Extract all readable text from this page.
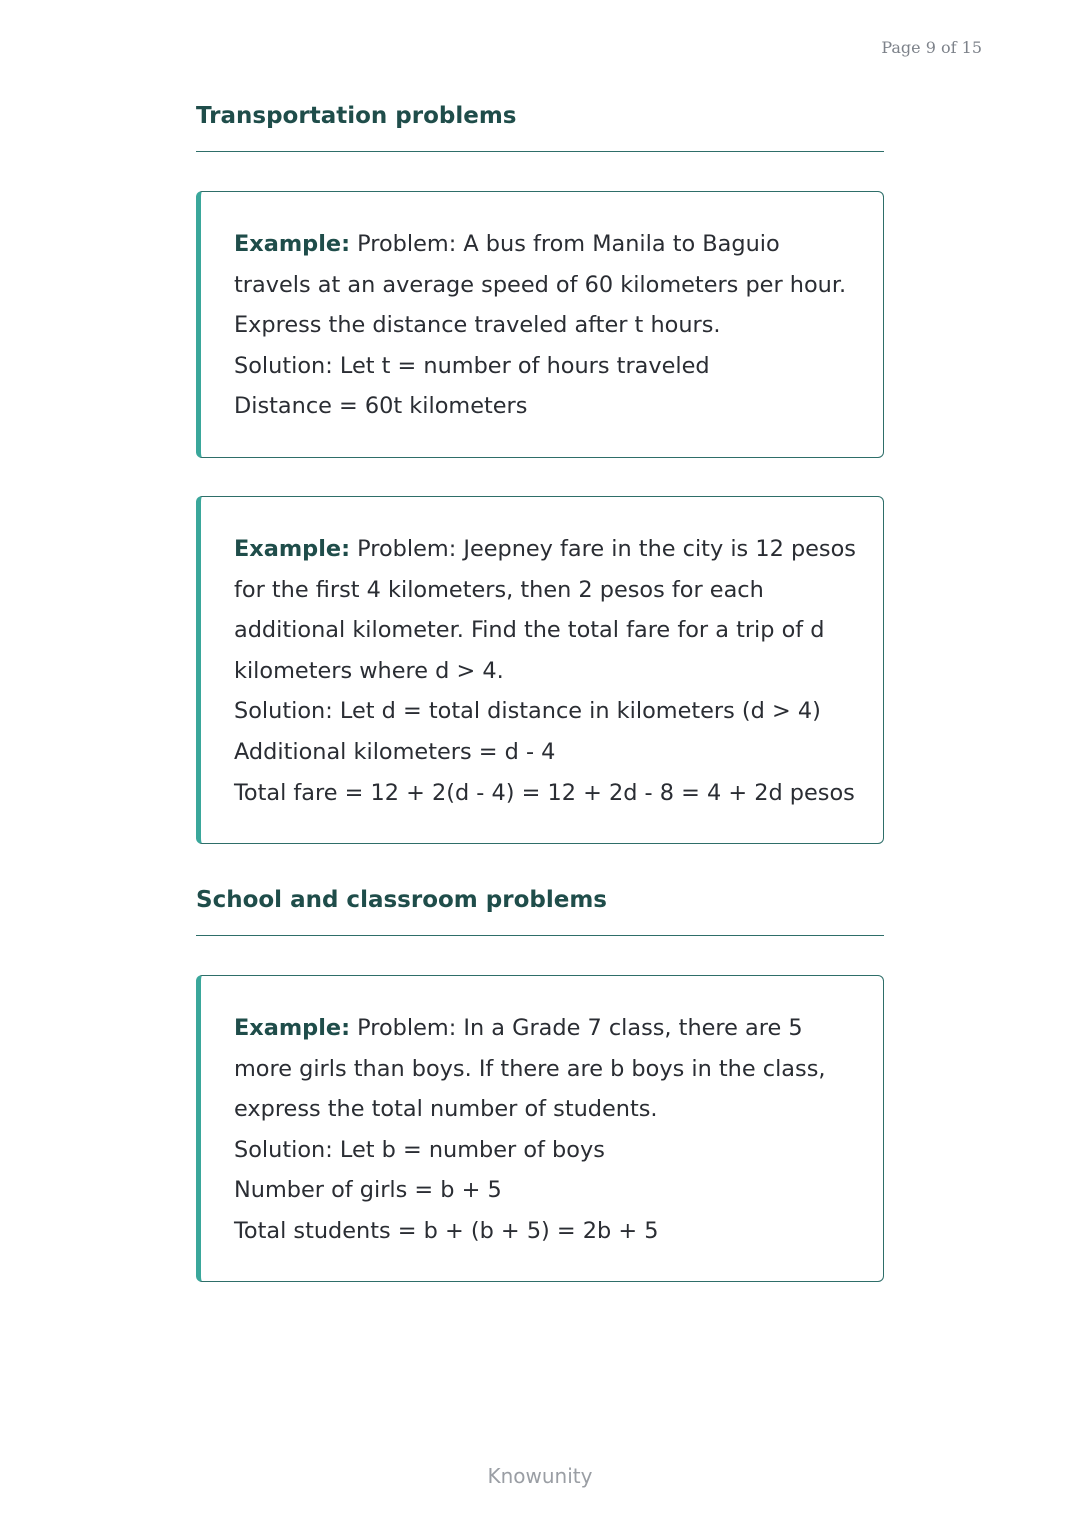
Page 9 of 15
Transportation problems
Example: Problem: A bus from Manila to Baguio
travels at an average speed of 60 kilometers per hour.
Express the distance traveled after t hours.
Solution: Let t = number of hours traveled
Distance = 60t kilometers
Example: Problem: Jeepney fare in the city is 12 pesos
for the first 4 kilometers, then 2 pesos for each
additional kilometer. Find the total fare for a trip of d
kilometers where d > 4.
Solution: Let d = total distance in kilometers (d > 4)
Additional kilometers = d - 4
Total fare = 12 + 2(d - 4) = 12 + 2d - 8 = 4 + 2d pesos
School and classroom problems
Example: Problem: In a Grade 7 class, there are 5
more girls than boys. If there are b boys in the class,
express the total number of students.
Solution: Let b = number of boys
Number of girls = b + 5
Total students = b + (b + 5) = 2b + 5
Knowunity
